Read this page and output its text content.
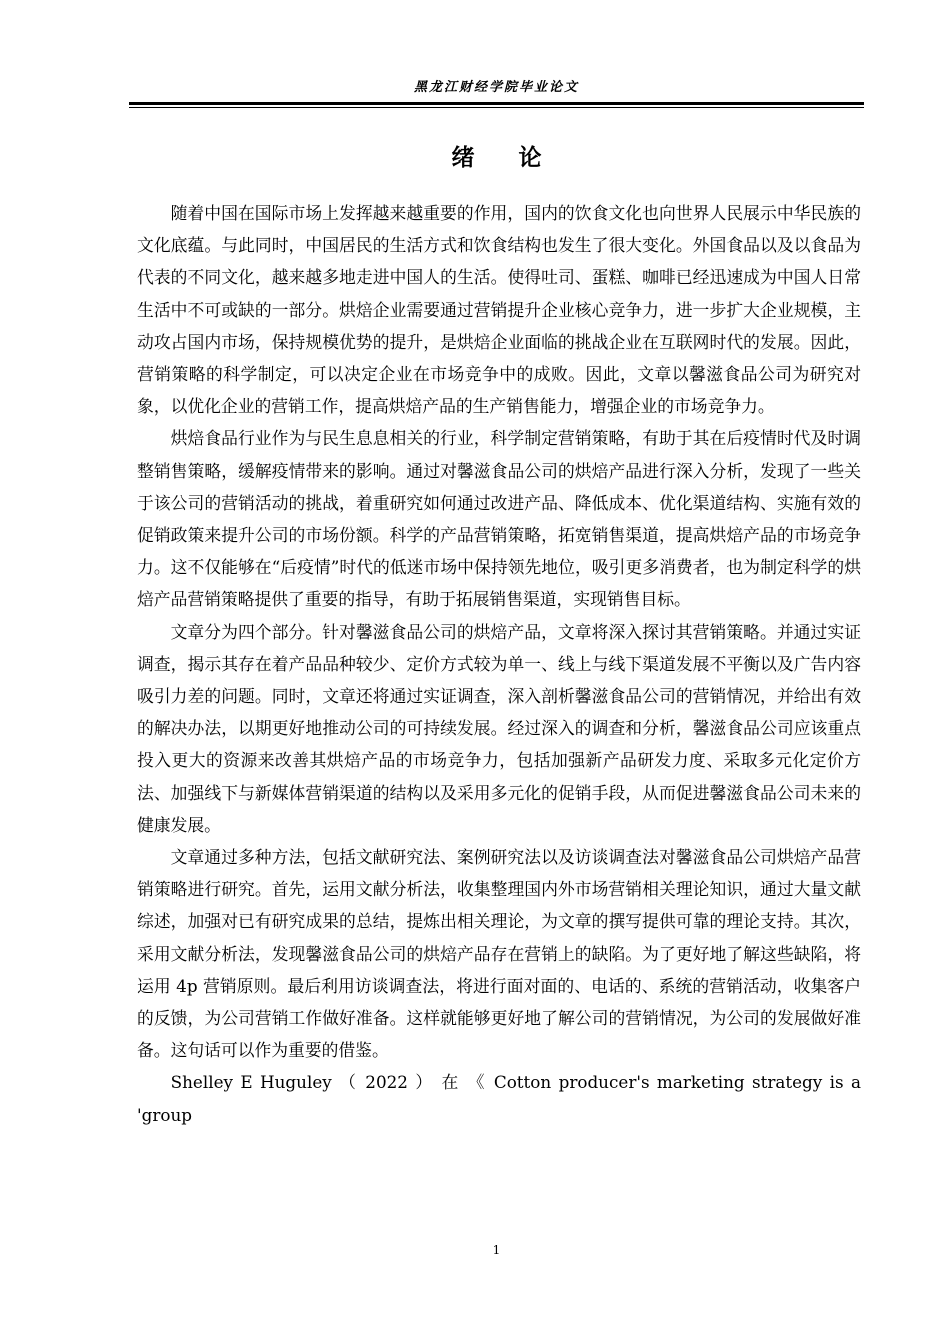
黑龙江财经学院毕业论文
绪论

随着中国在国际市场上发挥越来越重要的作用，国内的饮食文化也向世界人民展示中华民族的文化底蕴。与此同时，中国居民的生活方式和饮食结构也发生了很大变化。外国食品以及以食品为代表的不同文化，越来越多地走进中国人的生活。使得吐司、蛋糕、咖啡已经迅速成为中国人日常生活中不可或缺的一部分。烘焙企业需要通过营销提升企业核心竞争力，进一步扩大企业规模，主动攻占国内市场，保持规模优势的提升，是烘焙企业面临的挑战企业在互联网时代的发展。因此，营销策略的科学制定，可以决定企业在市场竞争中的成败。因此，文章以馨滋食品公司为研究对象，以优化企业的营销工作，提高烘焙产品的生产销售能力，增强企业的市场竞争力。

烘焙食品行业作为与民生息息相关的行业，科学制定营销策略，有助于其在后疫情时代及时调整销售策略，缓解疫情带来的影响。通过对馨滋食品公司的烘焙产品进行深入分析，发现了一些关于该公司的营销活动的挑战，着重研究如何通过改进产品、降低成本、优化渠道结构、实施有效的促销政策来提升公司的市场份额。科学的产品营销策略，拓宽销售渠道，提高烘焙产品的市场竞争力。这不仅能够在“后疫情”时代的低迷市场中保持领先地位，吸引更多消费者，也为制定科学的烘焙产品营销策略提供了重要的指导，有助于拓展销售渠道，实现销售目标。

文章分为四个部分。针对馨滋食品公司的烘焙产品，文章将深入探讨其营销策略。并通过实证调查，揭示其存在着产品品种较少、定价方式较为单一、线上与线下渠道发展不平衡以及广告内容吸引力差的问题。同时，文章还将通过实证调查，深入剖析馨滋食品公司的营销情况，并给出有效的解决办法，以期更好地推动公司的可持续发展。经过深入的调查和分析，馨滋食品公司应该重点投入更大的资源来改善其烘焙产品的市场竞争力，包括加强新产品研发力度、采取多元化定价方法、加强线下与新媒体营销渠道的结构以及采用多元化的促销手段，从而促进馨滋食品公司未来的健康发展。

文章通过多种方法，包括文献研究法、案例研究法以及访谈调查法对馨滋食品公司烘焙产品营销策略进行研究。首先，运用文献分析法，收集整理国内外市场营销相关理论知识，通过大量文献综述，加强对已有研究成果的总结，提炼出相关理论，为文章的撰写提供可靠的理论支持。其次，采用文献分析法，发现馨滋食品公司的烘焙产品存在营销上的缺陷。为了更好地了解这些缺陷，将运用 4p 营销原则。最后利用访谈调查法，将进行面对面的、电话的、系统的营销活动，收集客户的反馈，为公司营销工作做好准备。这样就能够更好地了解公司的营销情况，为公司的发展做好准备。这句话可以作为重要的借鉴。

Shelley E Huguley （ 2022 ） 在 《 Cotton producer's marketing strategy is a 'group

1
